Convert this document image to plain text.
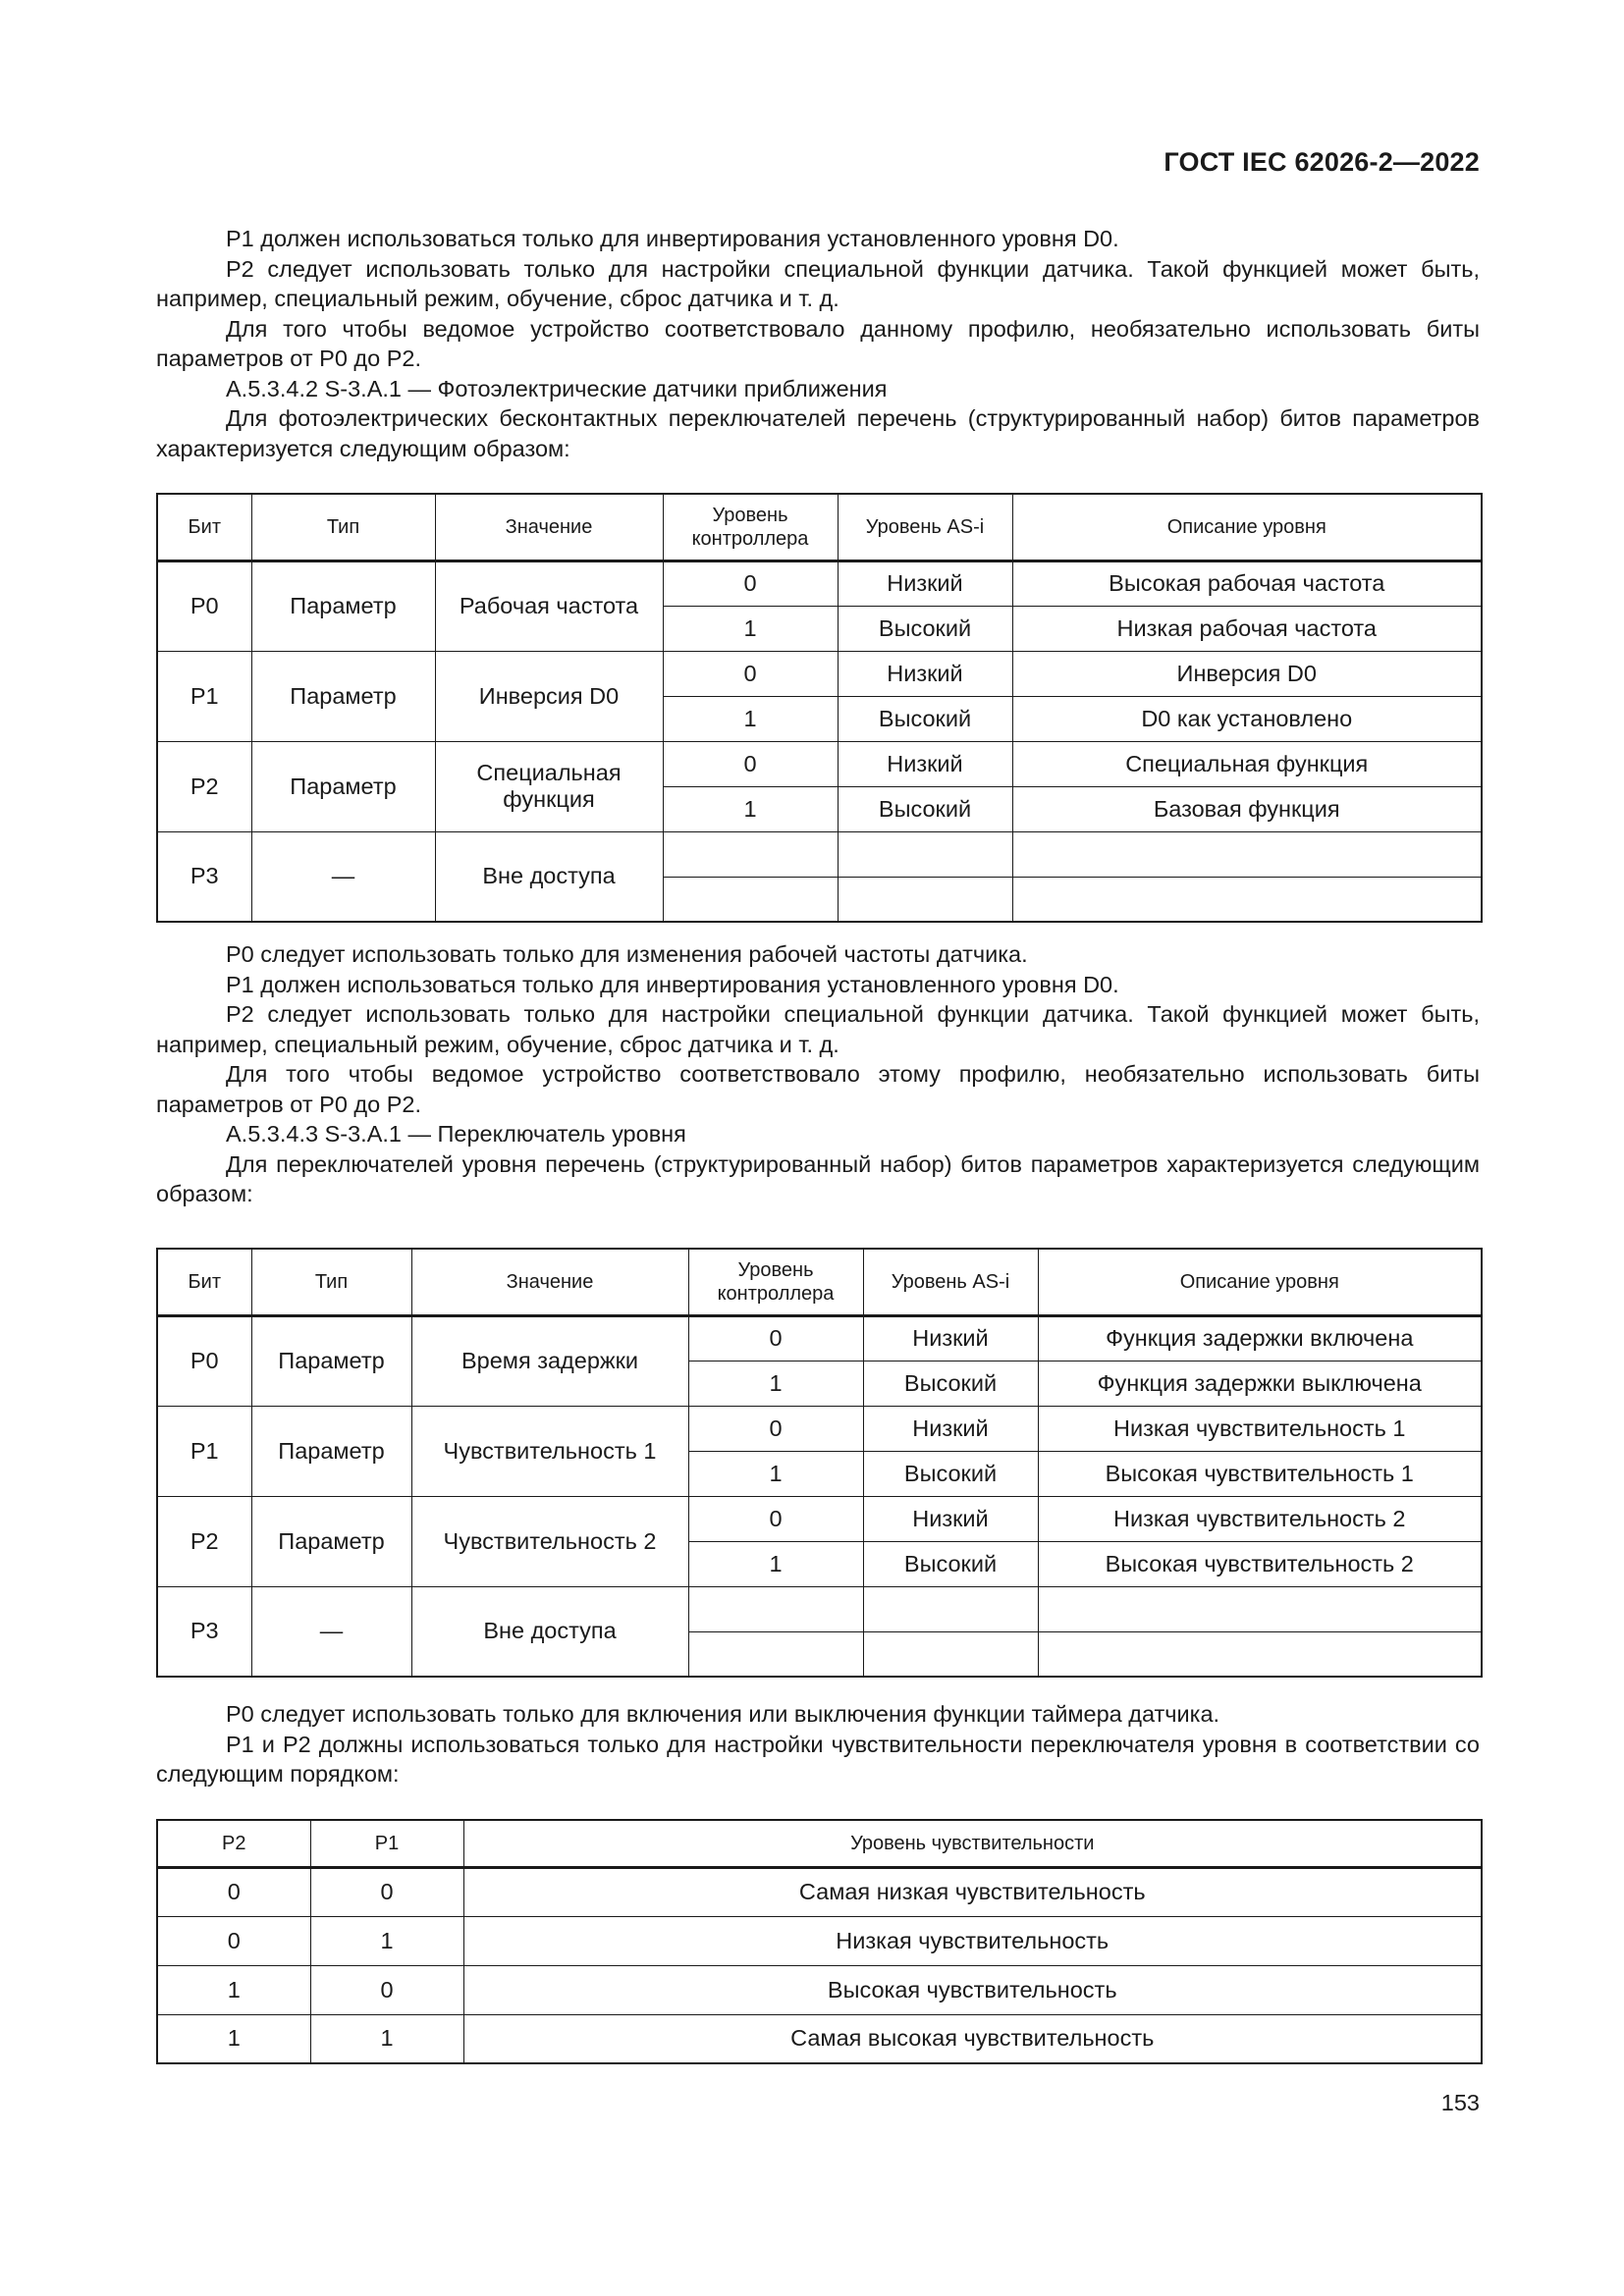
ГОСТ IEC 62026-2—2022

P1 должен использоваться только для инвертирования установленного уровня D0.

P2 следует использовать только для настройки специальной функции датчика. Такой функцией может быть, например, специальный режим, обучение, сброс датчика и т. д.

Для того чтобы ведомое устройство соответствовало данному профилю, необязательно использовать биты параметров от P0 до P2.

А.5.3.4.2 S-3.A.1 — Фотоэлектрические датчики приближения

Для фотоэлектрических бесконтактных переключателей перечень (структурированный набор) битов параметров характеризуется следующим образом:

Бит	Тип	Значение	Уровень контроллера	Уровень AS-i	Описание уровня
P0	Параметр	Рабочая частота	0	Низкий	Высокая рабочая частота
			1	Высокий	Низкая рабочая частота
P1	Параметр	Инверсия D0	0	Низкий	Инверсия D0
			1	Высокий	D0 как установлено
P2	Параметр	Специальная функция	0	Низкий	Специальная функция
			1	Высокий	Базовая функция
P3	—	Вне доступа			

P0 следует использовать только для изменения рабочей частоты датчика.

P1 должен использоваться только для инвертирования установленного уровня D0.

P2 следует использовать только для настройки специальной функции датчика. Такой функцией может быть, например, специальный режим, обучение, сброс датчика и т. д.

Для того чтобы ведомое устройство соответствовало этому профилю, необязательно использовать биты параметров от P0 до P2.

А.5.3.4.3 S-3.A.1 — Переключатель уровня

Для переключателей уровня перечень (структурированный набор) битов параметров характеризуется следующим образом:

Бит	Тип	Значение	Уровень контроллера	Уровень AS-i	Описание уровня
P0	Параметр	Время задержки	0	Низкий	Функция задержки включена
			1	Высокий	Функция задержки выключена
P1	Параметр	Чувствительность 1	0	Низкий	Низкая чувствительность 1
			1	Высокий	Высокая чувствительность 1
P2	Параметр	Чувствительность 2	0	Низкий	Низкая чувствительность 2
			1	Высокий	Высокая чувствительность 2
P3	—	Вне доступа			

P0 следует использовать только для включения или выключения функции таймера датчика.

P1 и P2 должны использоваться только для настройки чувствительности переключателя уровня в соответствии со следующим порядком:

P2	P1	Уровень чувствительности
0	0	Самая низкая чувствительность
0	1	Низкая чувствительность
1	0	Высокая чувствительность
1	1	Самая высокая чувствительность
153
